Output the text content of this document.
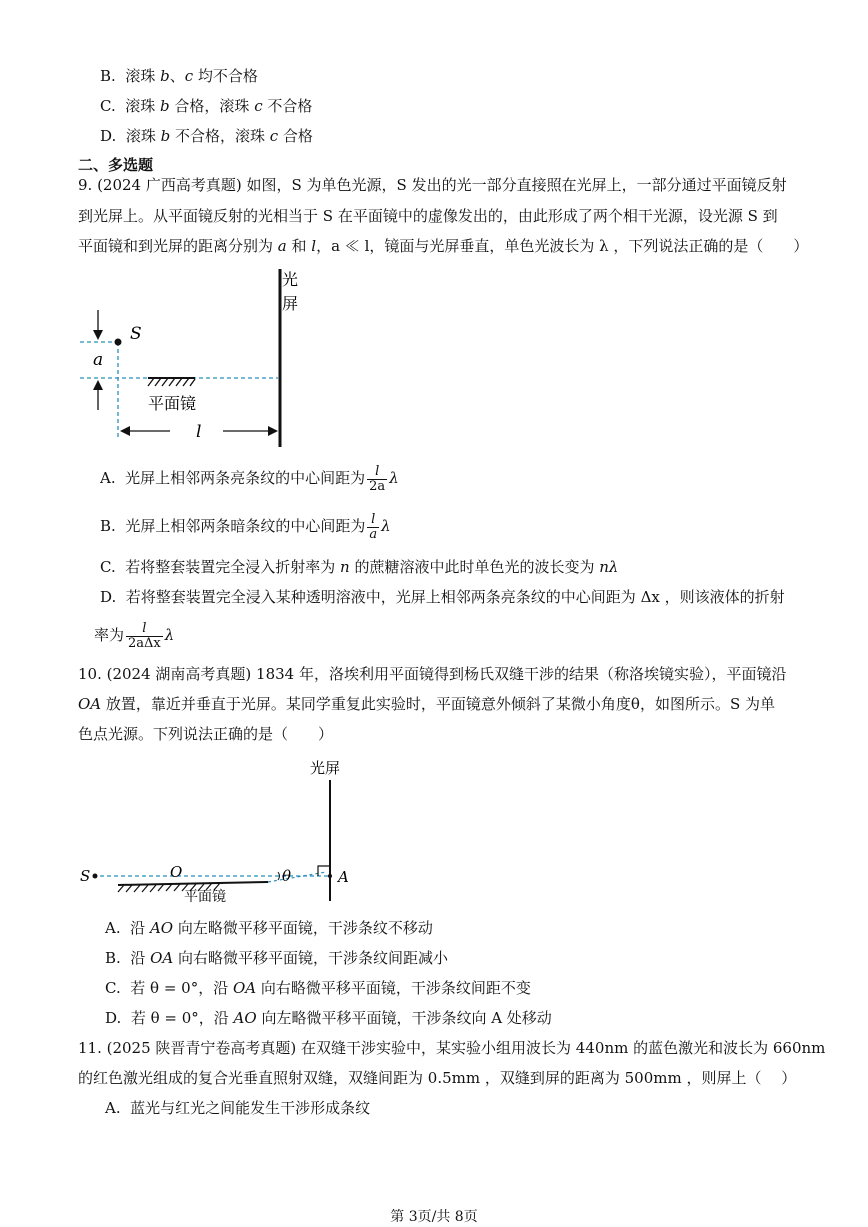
B. 滚珠 b、c 均不合格
C. 滚珠 b 合格，滚珠 c 不合格
D. 滚珠 b 不合格，滚珠 c 合格
二、多选题
9. (2024 广西高考真题) 如图，S 为单色光源，S 发出的光一部分直接照在光屏上，一部分通过平面镜反射
到光屏上。从平面镜反射的光相当于 S 在平面镜中的虚像发出的，由此形成了两个相干光源，设光源 S 到
平面镜和到光屏的距离分别为 a 和 l，a ≪ l，镜面与光屏垂直，单色光波长为 λ ，下列说法正确的是（　　）
光
屏
S
a
平面镜
l
A.  光屏上相邻两条亮条纹的中心间距为 $\frac{l}{2a}$ λ
B.  光屏上相邻两条暗条纹的中心间距为 $\frac{l}{a}$ λ
C.  若将整套装置完全浸入折射率为 n 的蔗糖溶液中此时单色光的波长变为 nλ
D.  若将整套装置完全浸入某种透明溶液中，光屏上相邻两条亮条纹的中心间距为 Δx ，则该液体的折射
率为 $\frac{l}{\text{2aΔx}}$ λ
10. (2024 湖南高考真题) 1834 年，洛埃利用平面镜得到杨氏双缝干涉的结果（称洛埃镜实验），平面镜沿
OA 放置，靠近并垂直于光屏。某同学重复此实验时，平面镜意外倾斜了某微小角度θ，如图所示。S 为单
色点光源。下列说法正确的是（　　）
光屏
S	O	θ	A
平面镜
A. 沿 AO 向左略微平移平面镜，干涉条纹不移动
B. 沿 OA 向右略微平移平面镜，干涉条纹间距减小
C. 若 θ = 0°，沿 OA 向右略微平移平面镜，干涉条纹间距不变
D. 若 θ = 0°，沿 AO 向左略微平移平面镜，干涉条纹向 A 处移动
11. (2025 陕晋青宁卷高考真题) 在双缝干涉实验中，某实验小组用波长为 440nm 的蓝色激光和波长为 660nm
的红色激光组成的复合光垂直照射双缝，双缝间距为 0.5mm ，双缝到屏的距离为 500mm ，则屏上（　 ）
A.  蓝光与红光之间能发生干涉形成条纹
第 3页/共 8页
